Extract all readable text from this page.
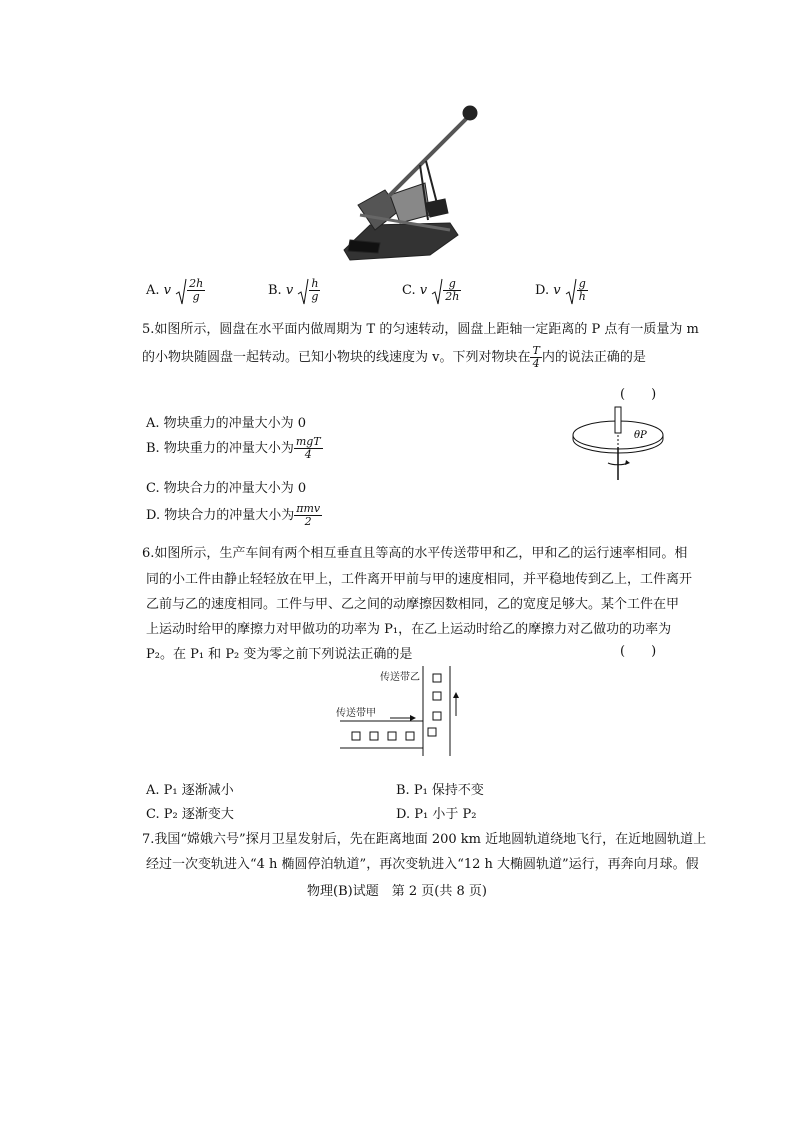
A. v $\frac{2h}{g}$	B. v $\frac{h}{g}$	C. v $\frac{g}{2h}$	D. v $\frac{g}{h}$
5.如图所示，圆盘在水平面内做周期为 T 的匀速转动，圆盘上距轴一定距离的 P 点有一质量为 m
的小物块随圆盘一起转动。已知小物块的线速度为 v。下列对物块在 $\frac{T}{4}$ 内的说法正确的是
(　　)
A. 物块重力的冲量大小为 0
B. 物块重力的冲量大小为 $\frac{\text{mgT}}{4}$
C. 物块合力的冲量大小为 0
D. 物块合力的冲量大小为 $\frac{\text{πmv}}{2}$
θP
6.如图所示，生产车间有两个相互垂直且等高的水平传送带甲和乙，甲和乙的运行速率相同。相
同的小工件由静止轻轻放在甲上，工件离开甲前与甲的速度相同，并平稳地传到乙上，工件离开
乙前与乙的速度相同。工件与甲、乙之间的动摩擦因数相同，乙的宽度足够大。某个工件在甲
上运动时给甲的摩擦力对甲做功的功率为 P₁，在乙上运动时给乙的摩擦力对乙做功的功率为
P₂。在 P₁ 和 P₂ 变为零之前下列说法正确的是	(　　)
传送带乙
传送带甲
A. P₁ 逐渐减小	B. P₁ 保持不变
C. P₂ 逐渐变大	D. P₁ 小于 P₂
7.我国“嫦娥六号”探月卫星发射后，先在距离地面 200 km 近地圆轨道绕地飞行，在近地圆轨道上
经过一次变轨进入“4 h 椭圆停泊轨道”，再次变轨进入“12 h 大椭圆轨道”运行，再奔向月球。假
物理(B)试题　第 2 页(共 8 页)
